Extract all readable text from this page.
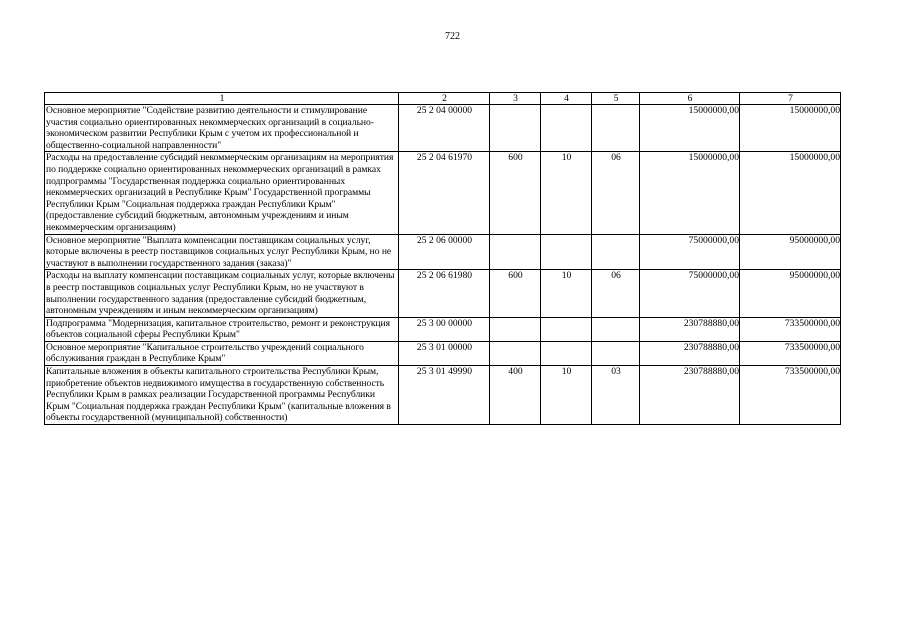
722
1	2	3	4	5	6	7
Основное мероприятие "Содействие развитию деятельности и стимулирование участия социально ориентированных некоммерческих организаций в социально-экономическом развитии Республики Крым с учетом их профессиональной и общественно-социальной направленности"	25 2 04 00000				15000000,00	15000000,00
Расходы на предоставление субсидий некоммерческим организациям на мероприятия по поддержке социально ориентированных некоммерческих организаций в рамках подпрограммы "Государственная поддержка социально ориентированных некоммерческих организаций в Республике Крым" Государственной программы Республики Крым "Социальная поддержка граждан Республики Крым" (предоставление субсидий бюджетным, автономным учреждениям и иным некоммерческим организациям)	25 2 04 61970	600	10	06	15000000,00	15000000,00
Основное мероприятие "Выплата компенсации поставщикам социальных услуг, которые включены в реестр поставщиков социальных услуг Республики Крым, но не участвуют в выполнении государственного задания (заказа)"	25 2 06 00000				75000000,00	95000000,00
Расходы на выплату компенсации поставщикам социальных услуг, которые включены в реестр поставщиков социальных услуг Республики Крым, но не участвуют в выполнении государственного задания (предоставление субсидий бюджетным, автономным учреждениям и иным некоммерческим организациям)	25 2 06 61980	600	10	06	75000000,00	95000000,00
Подпрограмма "Модернизация, капитальное строительство, ремонт и реконструкция объектов социальной сферы Республики Крым"	25 3 00 00000				230788880,00	733500000,00
Основное мероприятие "Капитальное строительство учреждений социального обслуживания граждан в Республике Крым"	25 3 01 00000				230788880,00	733500000,00
Капитальные вложения в объекты капитального строительства Республики Крым, приобретение объектов недвижимого имущества в государственную собственность Республики Крым в рамках реализации Государственной программы Республики Крым "Социальная поддержка граждан Республики Крым" (капитальные вложения в объекты государственной (муниципальной) собственности)	25 3 01 49990	400	10	03	230788880,00	733500000,00
